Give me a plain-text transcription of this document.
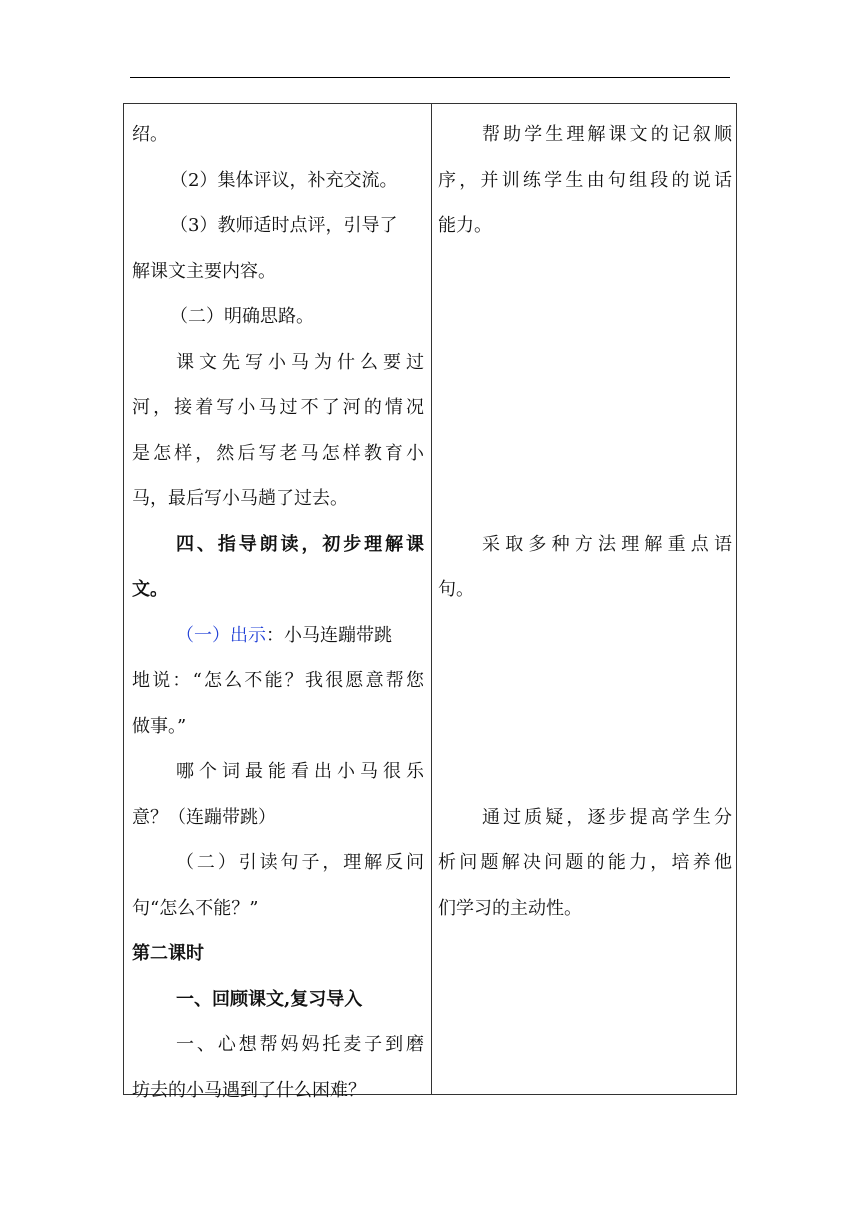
绍。
（2）集体评议，补充交流。
（3）教师适时点评，引导了
解课文主要内容。
（二）明确思路。
课文先写小马为什么要过
河，接着写小马过不了河的情况
是怎样，然后写老马怎样教育小
马，最后写小马趟了过去。
四、指导朗读，初步理解课
文。
（一）出示：小马连蹦带跳
地说：“怎么不能？我很愿意帮您
做事。”
哪个词最能看出小马很乐
意？（连蹦带跳）
（二）引读句子，理解反问
句“怎么不能？”
第二课时
一、回顾课文,复习导入
一、心想帮妈妈托麦子到磨
坊去的小马遇到了什么困难？
帮助学生理解课文的记叙顺
序，并训练学生由句组段的说话
能力。
采取多种方法理解重点语
句。
通过质疑，逐步提高学生分
析问题解决问题的能力，培养他
们学习的主动性。
